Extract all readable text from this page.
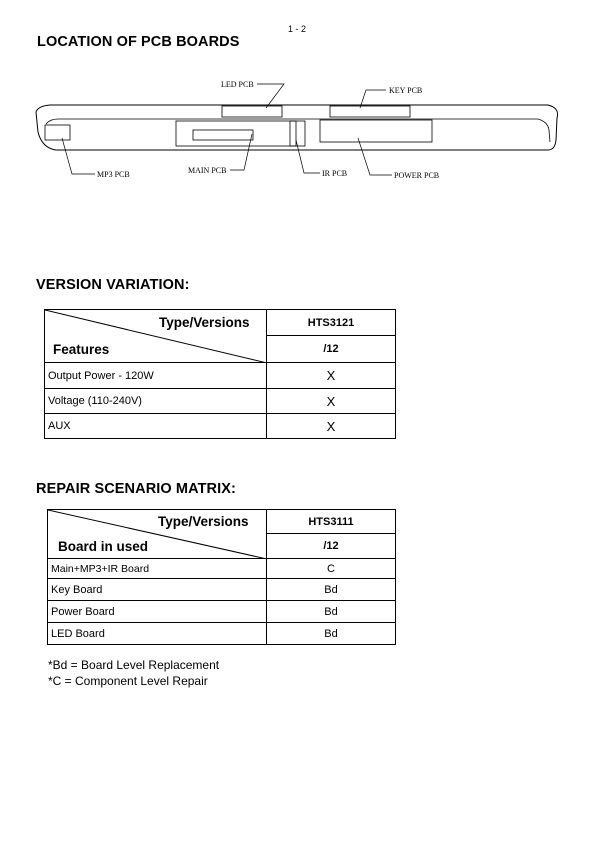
1 - 2
LOCATION OF PCB BOARDS
LED PCB
KEY PCB
MP3 PCB	MAIN PCB	IR PCB	POWER PCB
VERSION VARIATION:
Type/Versions
Features	HTS3121
	/12
Output Power - 120W	X
Voltage (110-240V)	X
AUX	X
REPAIR SCENARIO MATRIX:
Type/Versions
Board in used	HTS3111
	/12
Main+MP3+IR Board	C
Key Board	Bd
Power Board	Bd
LED Board	Bd
*Bd = Board Level Replacement
*C = Component Level Repair
